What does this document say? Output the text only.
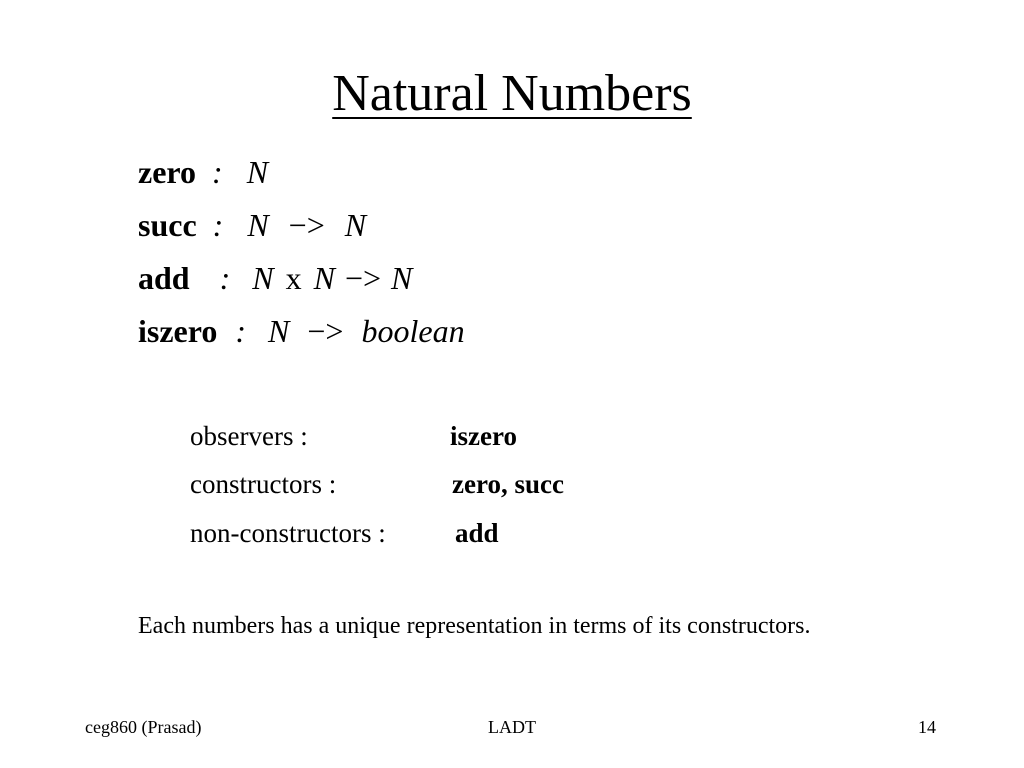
Natural Numbers
zero : N
succ : N −> N
add : N x N −> N
iszero : N −> boolean
observers :	iszero
constructors :	zero, succ
non-constructors :	add
Each numbers has a unique representation in terms of its constructors.
ceg860 (Prasad)	LADT	14
